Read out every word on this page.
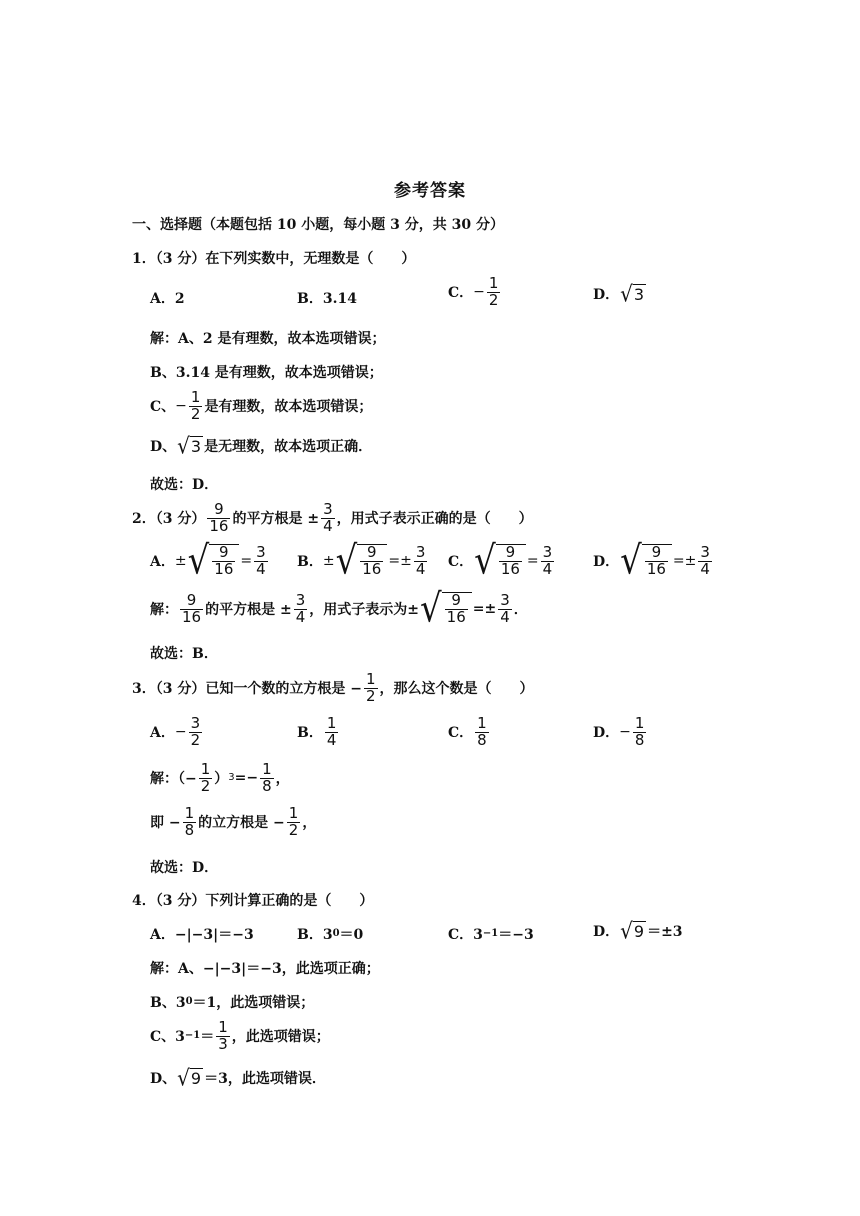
参考答案
一、选择题（本题包括 10 小题，每小题 3 分，共 30 分）
1．（3 分）在下列实数中，无理数是（　　）
A．2	B．3.14	C． − $\frac{1}{2}$	D． √ 3
解：A、2 是有理数，故本选项错误；
B、3.14 是有理数，故本选项错误；
C、 − $\frac{1}{2}$ 是有理数，故本选项错误；
D、 √ 3 是无理数，故本选项正确．
故选：D．
2．（3 分） $\frac{9}{16}$ 的平方根是 ± $\frac{3}{4}$ ，用式子表示正确的是（　　）
A． ± √ $\frac{9}{16} = \frac{3}{4}$ B． ± √ $\frac{9}{16}$ = ± $\frac{3}{4}$ C． √ $\frac{9}{16} = \frac{3}{4}$	D． √ $\frac{9}{16}$ = ± $\frac{3}{4}$
解： $\frac{9}{16}$ 的平方根是 ± $\frac{3}{4}$ ，用式子表示为± √ $\frac{9}{16} =\pm \frac{3}{4}$ ．
故选：B．
3．（3 分）已知一个数的立方根是 − $\frac{1}{2}$ ，那么这个数是（　　）
A． − $\frac{3}{2}$	B． $\frac{1}{4}$	C． $\frac{1}{8}$	D． − $\frac{1}{8}$
解：（− $\frac{1}{2}$ ） $3 =- \frac{1}{8}$ ，
即 − $\frac{1}{8}$ 的立方根是 − $\frac{1}{2}$ ，
故选：D．
4．（3 分）下列计算正确的是（　　）
A．−|−3|＝−3	B．3 0 ＝0	C．3 −1 ＝−3	D． √ 9 ＝±3
解：A、−|−3|＝−3，此选项正确；
B、3 0 ＝1，此选项错误；
C、$3 -1 = \frac{1}{3}$ ，此选项错误；
D、 √ 9 ＝3，此选项错误．
